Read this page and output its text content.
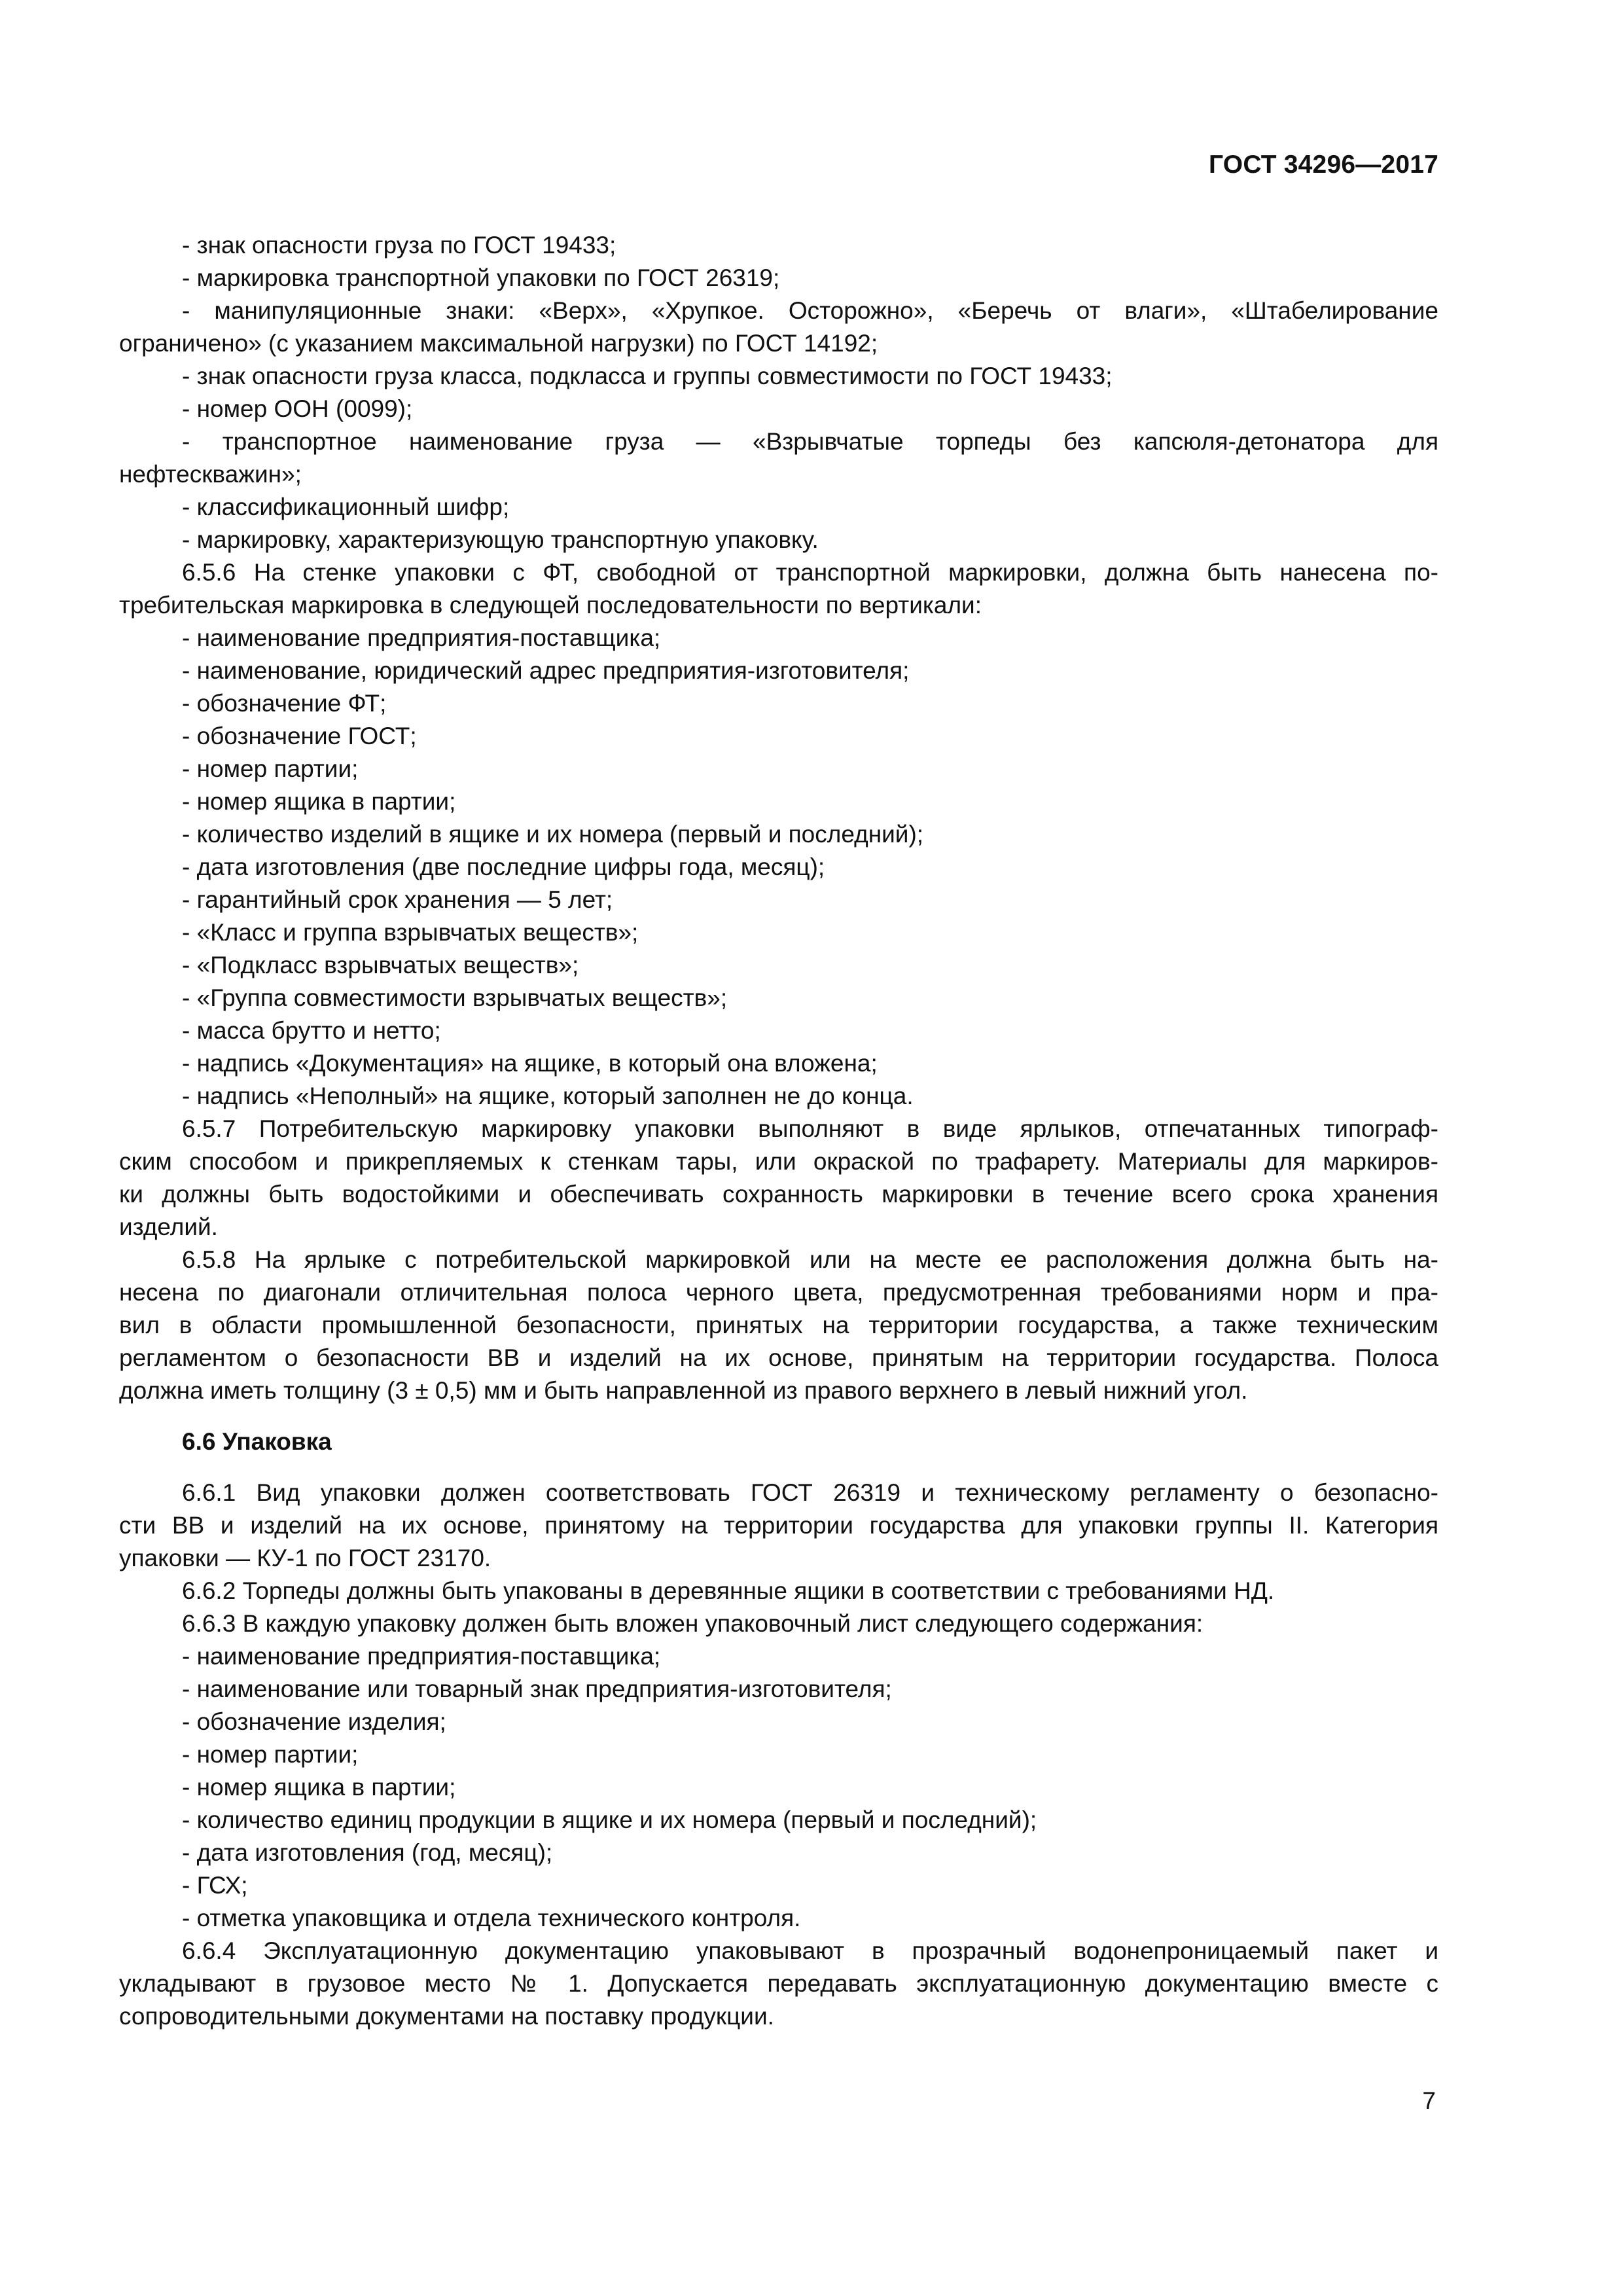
ГОСТ 34296—2017
- знак опасности груза по ГОСТ 19433;
- маркировка транспортной упаковки по ГОСТ 26319;
- манипуляционные знаки: «Верх», «Хрупкое. Осторожно», «Беречь от влаги», «Штабелирование
ограничено» (с указанием максимальной нагрузки) по ГОСТ 14192;
- знак опасности груза класса, подкласса и группы совместимости по ГОСТ 19433;
- номер ООН (0099);
- транспортное наименование груза — «Взрывчатые торпеды без капсюля-детонатора для
нефтескважин»;
- классификационный шифр;
- маркировку, характеризующую транспортную упаковку.
6.5.6 На стенке упаковки с ФТ, свободной от транспортной маркировки, должна быть нанесена по-
требительская маркировка в следующей последовательности по вертикали:
- наименование предприятия-поставщика;
- наименование, юридический адрес предприятия-изготовителя;
- обозначение ФТ;
- обозначение ГОСТ;
- номер партии;
- номер ящика в партии;
- количество изделий в ящике и их номера (первый и последний);
- дата изготовления (две последние цифры года, месяц);
- гарантийный срок хранения — 5 лет;
- «Класс и группа взрывчатых веществ»;
- «Подкласс взрывчатых веществ»;
- «Группа совместимости взрывчатых веществ»;
- масса брутто и нетто;
- надпись «Документация» на ящике, в который она вложена;
- надпись «Неполный» на ящике, который заполнен не до конца.
6.5.7 Потребительскую маркировку упаковки выполняют в виде ярлыков, отпечатанных типограф-
ским способом и прикрепляемых к стенкам тары, или окраской по трафарету. Материалы для маркиров-
ки должны быть водостойкими и обеспечивать сохранность маркировки в течение всего срока хранения
изделий.
6.5.8 На ярлыке с потребительской маркировкой или на месте ее расположения должна быть на-
несена по диагонали отличительная полоса черного цвета, предусмотренная требованиями норм и пра-
вил в области промышленной безопасности, принятых на территории государства, а также техническим
регламентом о безопасности ВВ и изделий на их основе, принятым на территории государства. Полоса
должна иметь толщину (3 ± 0,5) мм и быть направленной из правого верхнего в левый нижний угол.
6.6 Упаковка
6.6.1 Вид упаковки должен соответствовать ГОСТ 26319 и техническому регламенту о безопасно-
сти ВВ и изделий на их основе, принятому на территории государства для упаковки группы II. Категория
упаковки — КУ-1 по ГОСТ 23170.
6.6.2 Торпеды должны быть упакованы в деревянные ящики в соответствии с требованиями НД.
6.6.3 В каждую упаковку должен быть вложен упаковочный лист следующего содержания:
- наименование предприятия-поставщика;
- наименование или товарный знак предприятия-изготовителя;
- обозначение изделия;
- номер партии;
- номер ящика в партии;
- количество единиц продукции в ящике и их номера (первый и последний);
- дата изготовления (год, месяц);
- ГСХ;
- отметка упаковщика и отдела технического контроля.
6.6.4 Эксплуатационную документацию упаковывают в прозрачный водонепроницаемый пакет и
укладывают в грузовое место № 1. Допускается передавать эксплуатационную документацию вместе с
сопроводительными документами на поставку продукции.
7
